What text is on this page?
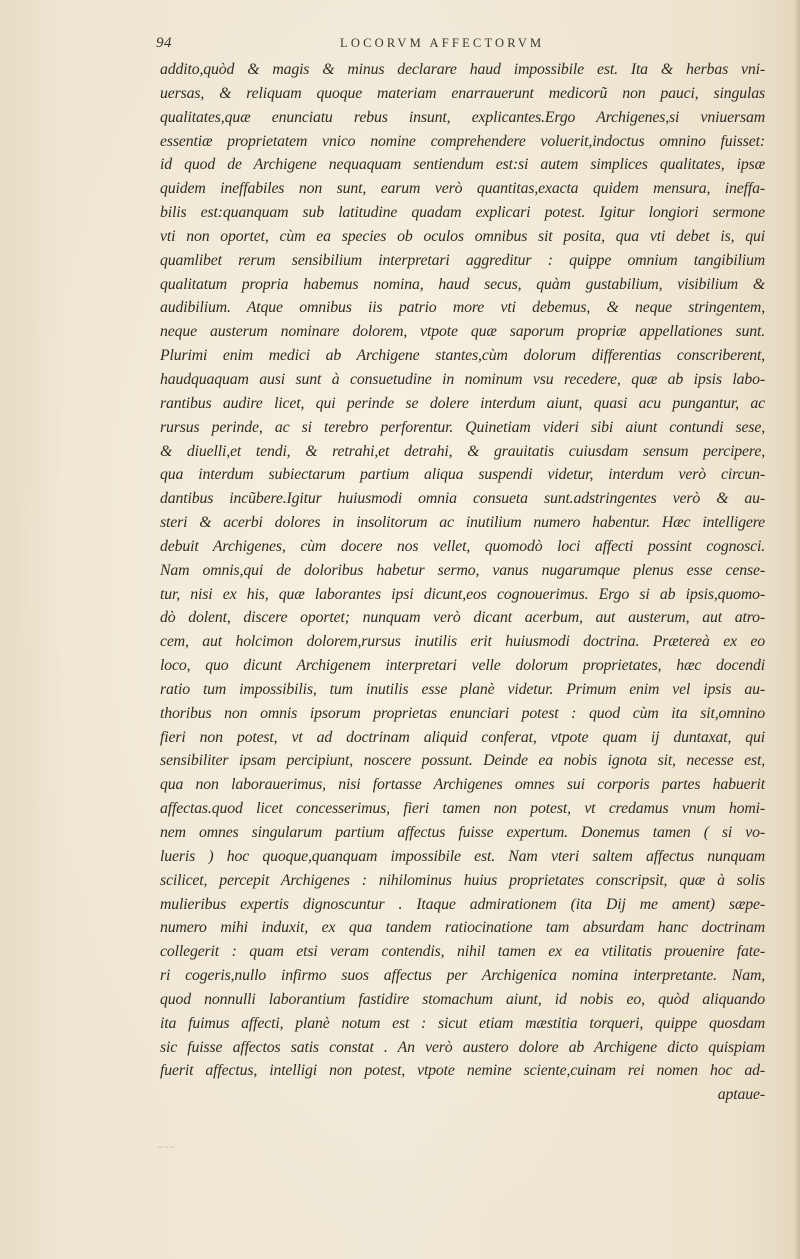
94	LOCORVM AFFECTORVM
addito,quòd & magis & minus declarare haud impossibile est. Ita & herbas vni-
uersas, & reliquam quoque materiam enarrauerunt medicorũ non pauci, singulas
qualitates,quæ enunciatu rebus insunt, explicantes.Ergo Archigenes,si vniuersam
essentiæ proprietatem vnico nomine comprehendere voluerit,indoctus omnino fuisset:
id quod de Archigene nequaquam sentiendum est:si autem simplices qualitates, ipsæ
quidem ineffabiles non sunt, earum verò quantitas,exacta quidem mensura, ineffa-
bilis est:quanquam sub latitudine quadam explicari potest. Igitur longiori sermone
vti non oportet, cùm ea species ob oculos omnibus sit posita, qua vti debet is, qui
quamlibet rerum sensibilium interpretari aggreditur : quippe omnium tangibilium
qualitatum propria habemus nomina, haud secus, quàm gustabilium, visibilium &
audibilium. Atque omnibus iis patrio more vti debemus, & neque stringentem,
neque austerum nominare dolorem, vtpote quæ saporum propriæ appellationes sunt.
Plurimi enim medici ab Archigene stantes,cùm dolorum differentias conscriberent,
haudquaquam ausi sunt à consuetudine in nominum vsu recedere, quæ ab ipsis labo-
rantibus audire licet, qui perinde se dolere interdum aiunt, quasi acu pungantur, ac
rursus perinde, ac si terebro perforentur. Quinetiam videri sibi aiunt contundi sese,
& diuelli,et tendi, & retrahi,et detrahi, & grauitatis cuiusdam sensum percipere,
qua interdum subiectarum partium aliqua suspendi videtur, interdum verò circun-
dantibus incũbere.Igitur huiusmodi omnia consueta sunt.adstringentes verò & au-
steri & acerbi dolores in insolitorum ac inutilium numero habentur. Hæc intelligere
debuit Archigenes, cùm docere nos vellet, quomodò loci affecti possint cognosci.
Nam omnis,qui de doloribus habetur sermo, vanus nugarumque plenus esse cense-
tur, nisi ex his, quæ laborantes ipsi dicunt,eos cognouerimus. Ergo si ab ipsis,quomo-
dò dolent, discere oportet; nunquam verò dicant acerbum, aut austerum, aut atro-
cem, aut holcimon dolorem,rursus inutilis erit huiusmodi doctrina. Prætereà ex eo
loco, quo dicunt Archigenem interpretari velle dolorum proprietates, hæc docendi
ratio tum impossibilis, tum inutilis esse planè videtur. Primum enim vel ipsis au-
thoribus non omnis ipsorum proprietas enunciari potest : quod cùm ita sit,omnino
fieri non potest, vt ad doctrinam aliquid conferat, vtpote quam ij duntaxat, qui
sensibiliter ipsam percipiunt, noscere possunt. Deinde ea nobis ignota sit, necesse est,
qua non laborauerimus, nisi fortasse Archigenes omnes sui corporis partes habuerit
affectas.quod licet concesserimus, fieri tamen non potest, vt credamus vnum homi-
nem omnes singularum partium affectus fuisse expertum. Donemus tamen ( si vo-
lueris ) hoc quoque,quanquam impossibile est. Nam vteri saltem affectus nunquam
scilicet, percepit Archigenes : nihilominus huius proprietates conscripsit, quæ à solis
mulieribus expertis dignoscuntur . Itaque admirationem (ita Dij me ament) sæpe-
numero mihi induxit, ex qua tandem ratiocinatione tam absurdam hanc doctrinam
collegerit : quam etsi veram contendis, nihil tamen ex ea vtilitatis prouenire fate-
ri cogeris,nullo infirmo suos affectus per Archigenica nomina interpretante. Nam,
quod nonnulli laborantium fastidire stomachum aiunt, id nobis eo, quòd aliquando
ita fuimus affecti, planè notum est : sicut etiam mæstitia torqueri, quippe quosdam
sic fuisse affectos satis constat . An verò austero dolore ab Archigene dicto quispiam
fuerit affectus, intelligi non potest, vtpote nemine sciente,cuinam rei nomen hoc ad-
aptaue-
ᵕᵕᵕ
